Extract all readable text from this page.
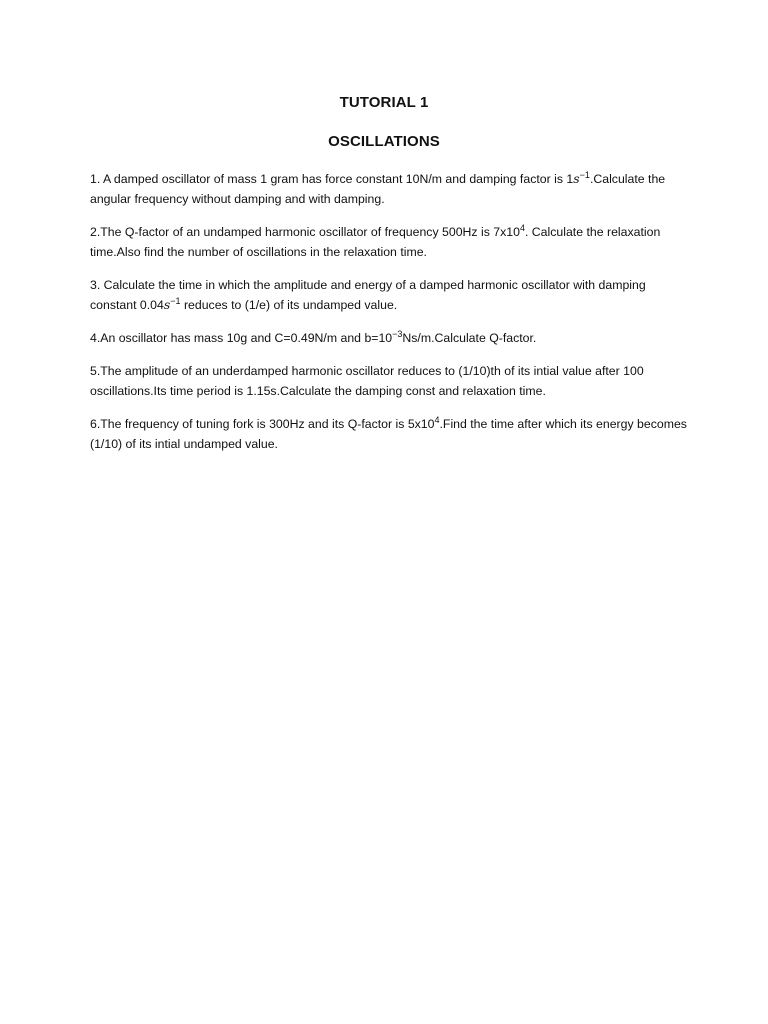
TUTORIAL 1
OSCILLATIONS

1. A damped oscillator of mass 1 gram has force constant 10N/m and damping factor is $1s^{-1}.Calculate$ the angular frequency without damping and with damping.

2.The Q-factor of an undamped harmonic oscillator of frequency 500Hz is $7x10^4$. Calculate the relaxation time.Also find the number of oscillations in the relaxation time.

3. Calculate the time in which the amplitude and energy of a damped harmonic oscillator with damping constant $0.04s^{-1}$ reduces to (1/e) of its undamped value.

4.An oscillator has mass 10g and C=0.49N/m and $b=10^{-3}Ns/m.Calculate$ Q-factor.

5.The amplitude of an underdamped harmonic oscillator reduces to (1/10)th of its intial value after 100 oscillations.Its time period is 1.15s.Calculate the damping const and relaxation time.

6.The frequency of tuning fork is 300Hz and its Q-factor is $5x10^4.Find$ the time after which its energy becomes (1/10) of its intial undamped value.
